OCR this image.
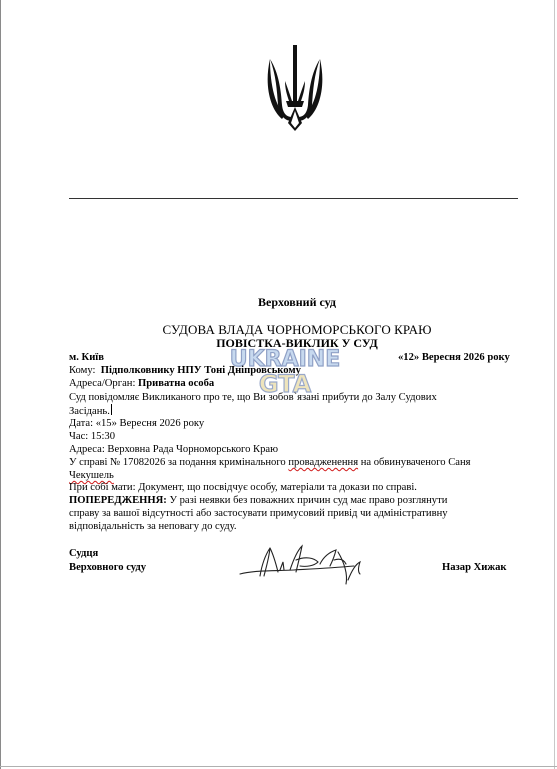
Верховний суд
СУДОВА ВЛАДА ЧОРНОМОРСЬКОГО КРАЮ
ПОВІСТКА-ВИКЛИК У СУД
UKRAINE
GTA
м. Київ	«12» Вересня 2026 року
Кому: Підполковнику НПУ Тоні Дніпровському
Адреса/Орган: Приватна особа
Суд повідомляє Викликаного про те, що Ви зобов`язані прибути до Залу Судових
Засідань.
Дата: «15» Вересня 2026 року
Час: 15:30
Адреса: Верховна Рада Чорноморського Краю
У справі № 17082026 за подання кримінального провадженення на обвинуваченого Саня
Чекушель
При собі мати: Документ, що посвідчує особу, матеріали та докази по справі.
ПОПЕРЕДЖЕННЯ: У разі неявки без поважних причин суд має право розглянути
справу за вашої відсутності або застосувати примусовий привід чи адміністративну
відповідальність за неповагу до суду.
Судця
Верховного суду	Назар Хижак
